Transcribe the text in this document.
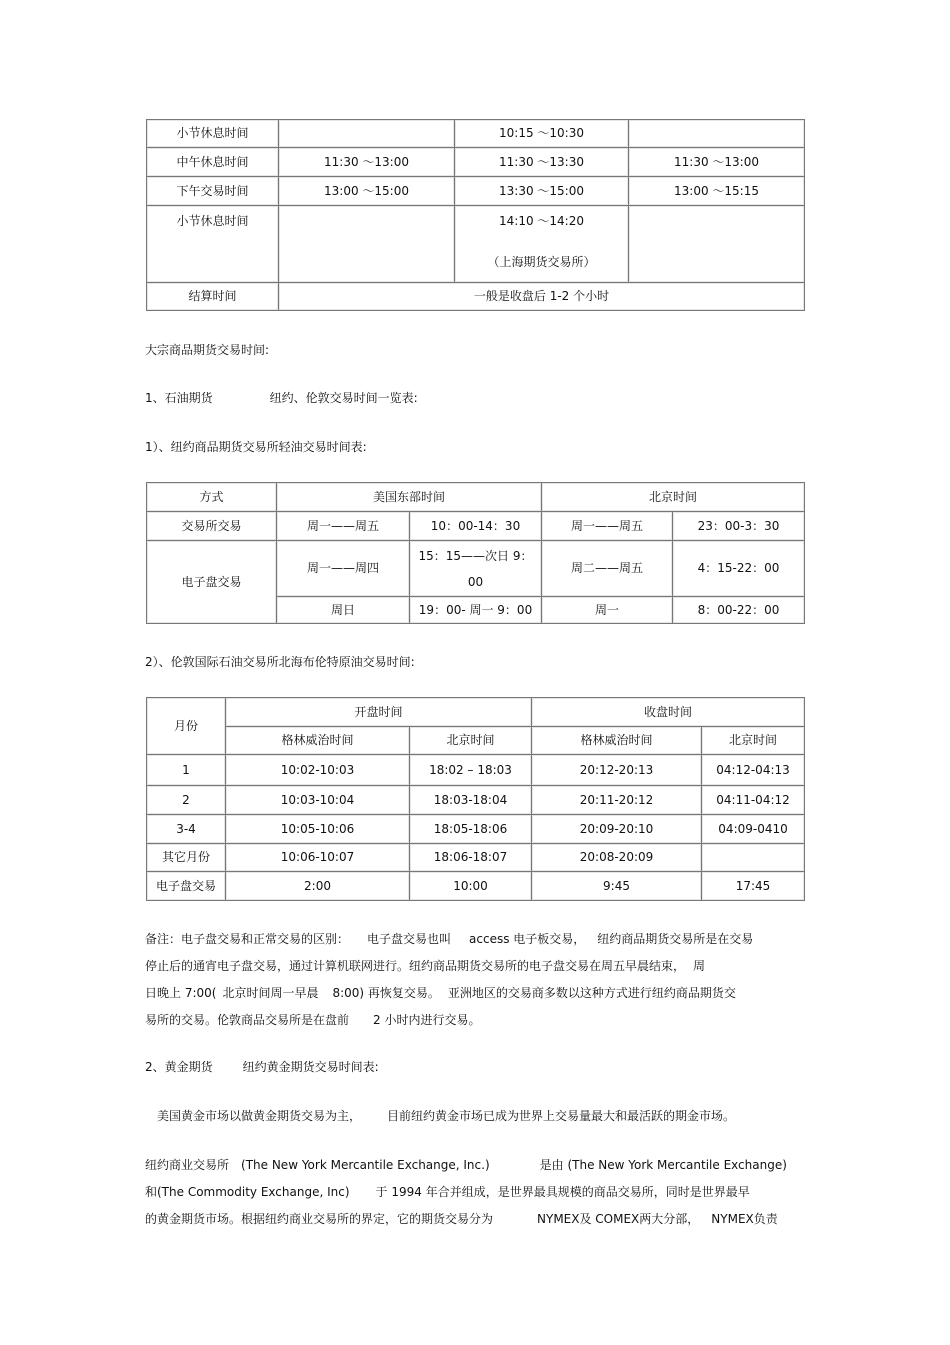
小节休息时间		10:15 ～10:30	
中午休息时间	11:30 ～13:00	11:30 ～13:30	11:30 ～13:00
下午交易时间	13:00 ～15:00	13:30 ～15:00	13:00 ～15:15
小节休息时间		14:10 ～14:20
（上海期货交易所）	

结算时间	一般是收盘后 1-2 个小时		
大宗商品期货交易时间:
1、石油期货	纽约、伦敦交易时间一览表:
1）、纽约商品期货交易所轻油交易时间表:
方式	美国东部时间		北京时间	
交易所交易	周一——周五	10：00-14：30	周一——周五	23：00-3：30
电子盘交易	周一——周四	15：15——次日 9：
00	周二——周五	4：15-22：00
	周日	19：00- 周一 9：00	周一	8：00-22：00
2）、伦敦国际石油交易所北海布伦特原油交易时间:
月份	开盘时间		收盘时间	
	格林威治时间	北京时间	格林威治时间	北京时间
1	10:02-10:03	18:02 – 18:03	20:12-20:13	04:12-04:13
2	10:03-10:04	18:03-18:04	20:11-20:12	04:11-04:12
3-4	10:05-10:06	18:05-18:06	20:09-20:10	04:09-0410
其它月份	10:06-10:07	18:06-18:07	20:08-20:09	
电子盘交易	2:00	10:00	9:45	17:45
备注：电子盘交易和正常交易的区别： 电子盘交易也叫 access 电子板交易， 纽约商品期货交易所是在交易
停止后的通宵电子盘交易，通过计算机联网进行。纽约商品期货交易所的电子盘交易在周五早晨结束， 周
日晚上 7:00( 北京时间周一早晨 8:00) 再恢复交易。 亚洲地区的交易商多数以这种方式进行纽约商品期货交
易所的交易。伦敦商品交易所是在盘前 2 小时内进行交易。
2、黄金期货	纽约黄金期货交易时间表:
美国黄金市场以做黄金期货交易为主， 目前纽约黄金市场已成为世界上交易量最大和最活跃的期金市场。
纽约商业交易所 (The New York Mercantile Exchange, Inc.)	是由 (The New York Mercantile Exchange)
和(The Commodity Exchange, Inc) 于 1994 年合并组成，是世界最具规模的商品交易所，同时是世界最早
的黄金期货市场。根据纽约商业交易所的界定，它的期货交易分为	NYMEX及 COMEX两大分部， NYMEX负责
